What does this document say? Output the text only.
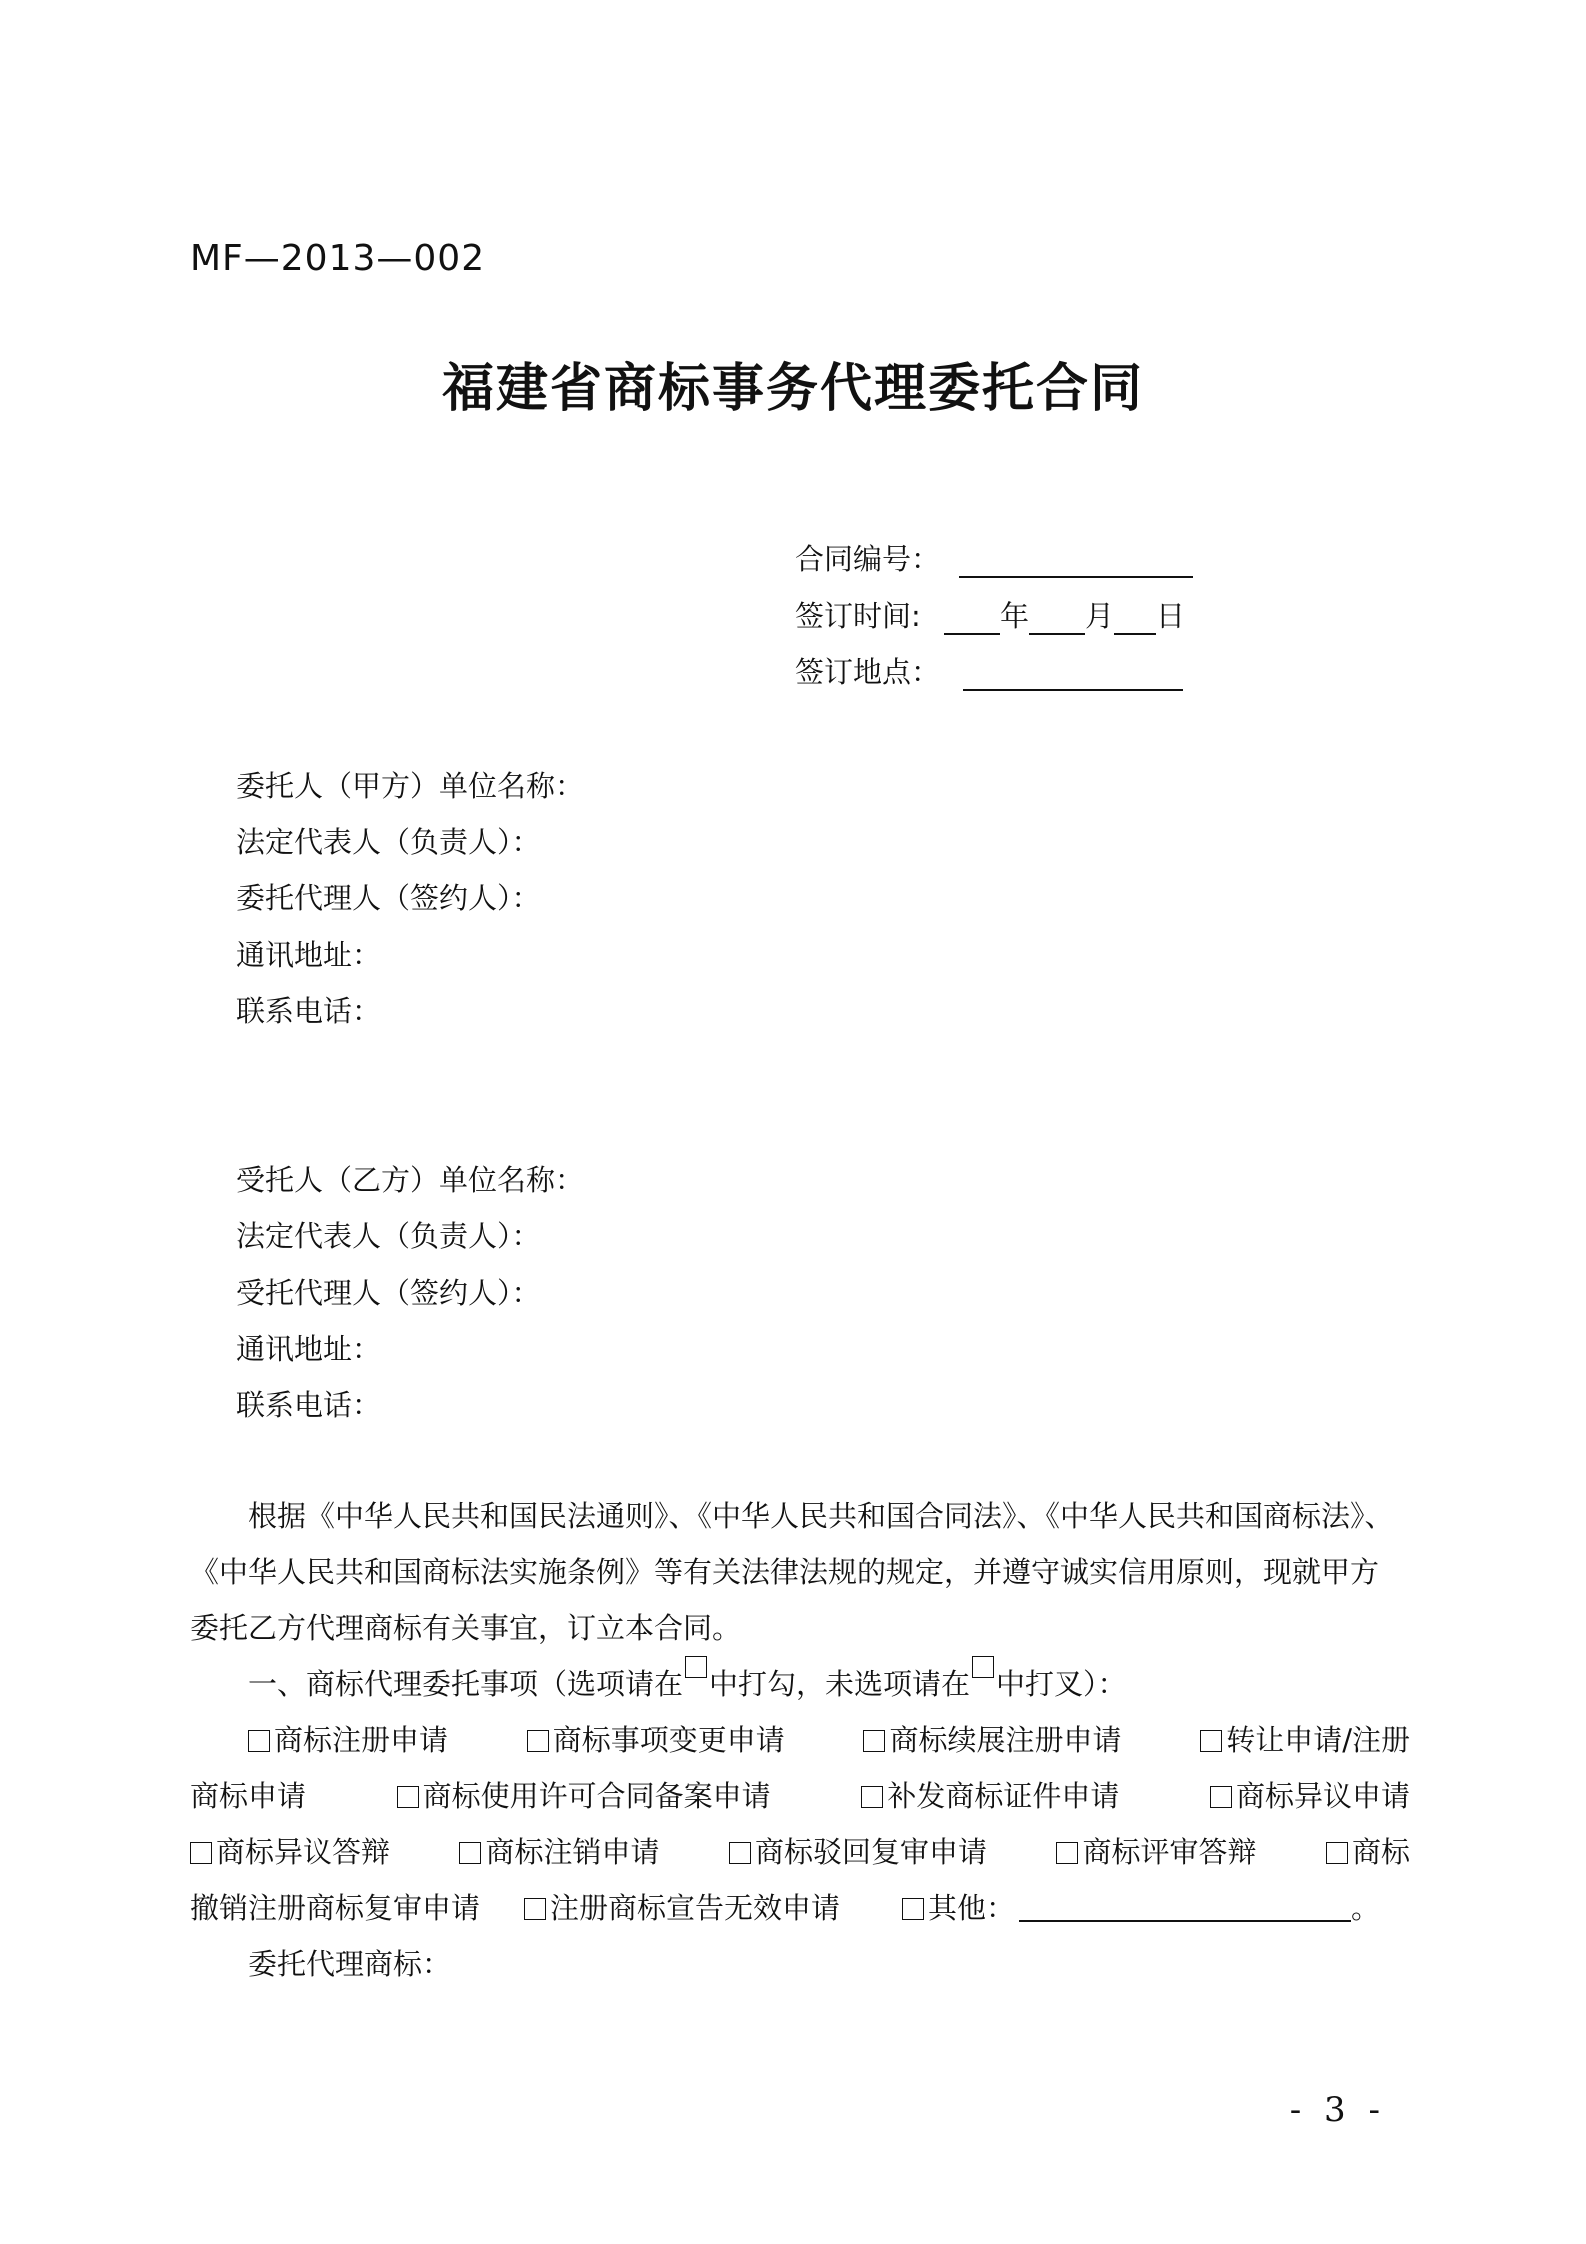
MF—2013—002
福建省商标事务代理委托合同
合同编号：
签订时间:	年 月 日
签订地点：
委托人（甲方）单位名称：
法定代表人（负责人）：
委托代理人（签约人）：
通讯地址：
联系电话：
受托人（乙方）单位名称：
法定代表人（负责人）：
受托代理人（签约人）：
通讯地址：
联系电话：
根据《中华人民共和国民法通则》、《中华人民共和国合同法》、《中华人民共和国商标法》、
《中华人民共和国商标法实施条例》等有关法律法规的规定，并遵守诚实信用原则，现就甲方
委托乙方代理商标有关事宜，订立本合同。
一、商标代理委托事项（选项请在 中打勾，未选项请在 中打叉）：
商标注册申请	商标事项变更申请	商标续展注册申请	转让申请/注册
商标申请	商标使用许可合同备案申请	补发商标证件申请	商标异议申请
商标异议答辩	商标注销申请	商标驳回复审申请	商标评审答辩	商标
撤销注册商标复审申请	注册商标宣告无效申请	其他：	。
委托代理商标：
- 3 -
